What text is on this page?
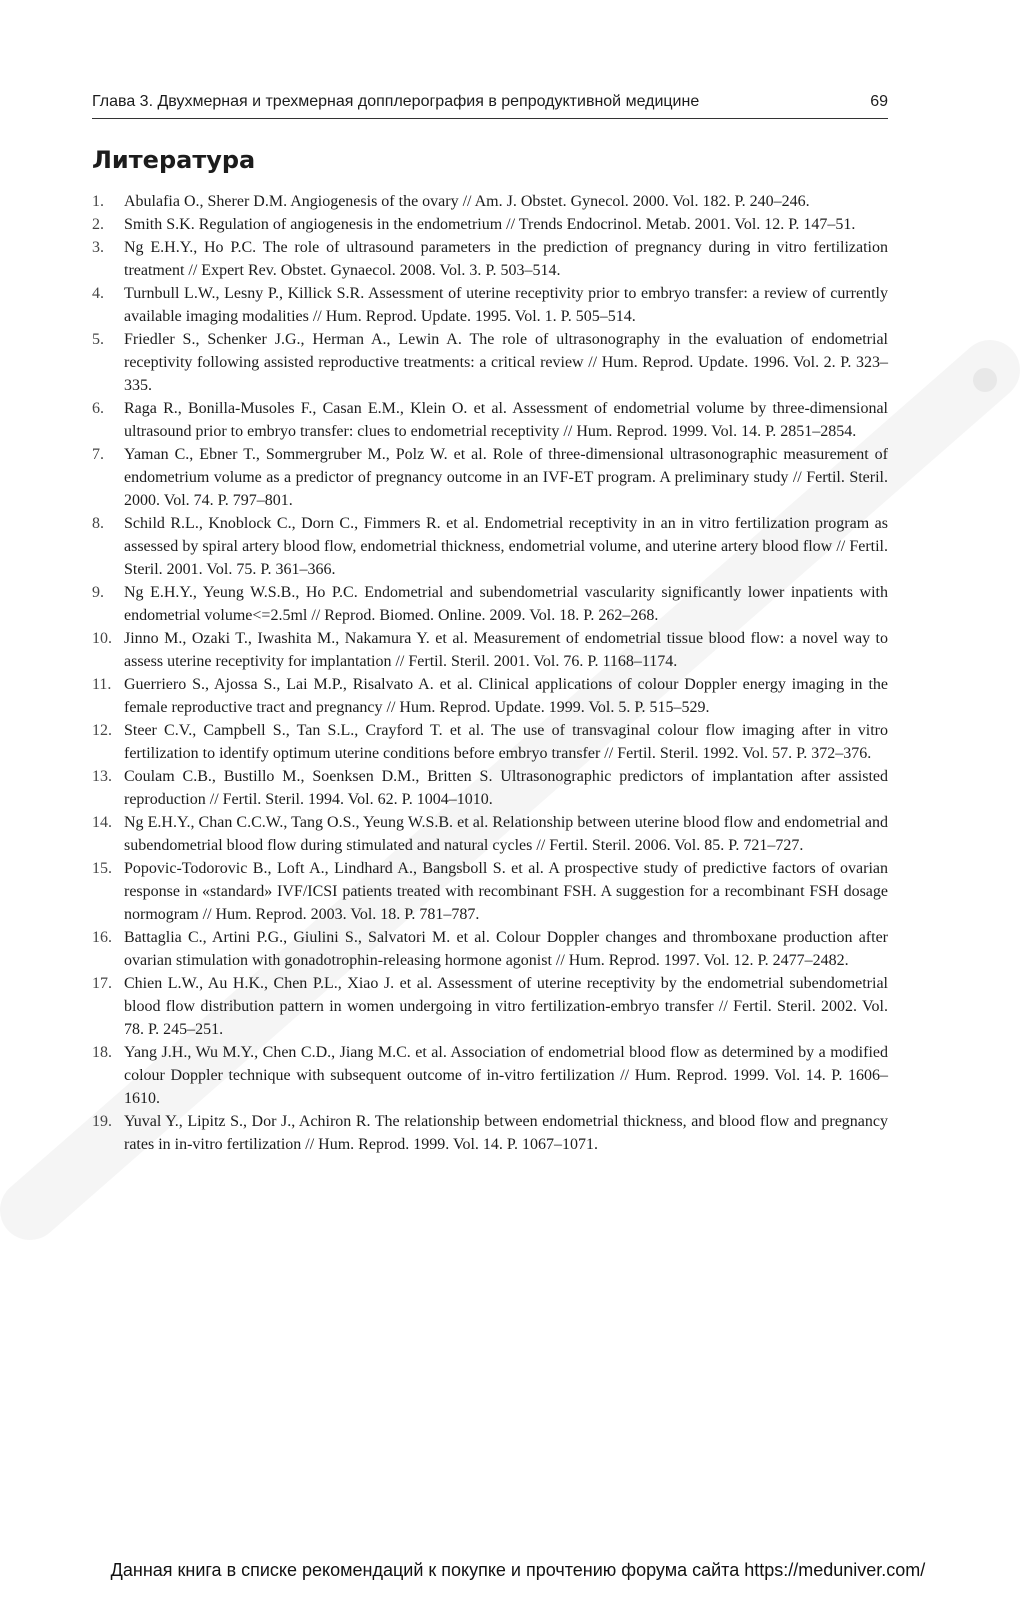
Глава 3. Двухмерная и трехмерная допплерография в репродуктивной медицине	69
Литература
1.	Abulafia O., Sherer D.M. Angiogenesis of the ovary // Am. J. Obstet. Gynecol. 2000. Vol. 182. P. 240–246.
2.	Smith S.K. Regulation of angiogenesis in the endometrium // Trends Endocrinol. Metab. 2001. Vol. 12. P. 147–51.
3.	Ng E.H.Y., Ho P.C. The role of ultrasound parameters in the prediction of pregnancy during in vitro fertilization treatment // Expert Rev. Obstet. Gynaecol. 2008. Vol. 3. P. 503–514.
4.	Turnbull L.W., Lesny P., Killick S.R. Assessment of uterine receptivity prior to embryo transfer: a review of currently available imaging modalities // Hum. Reprod. Update. 1995. Vol. 1. P. 505–514.
5.	Friedler S., Schenker J.G., Herman A., Lewin A. The role of ultrasonography in the evaluation of endometrial receptivity following assisted reproductive treatments: a critical review // Hum. Reprod. Update. 1996. Vol. 2. P. 323–335.
6.	Raga R., Bonilla-Musoles F., Casan E.M., Klein O. et al. Assessment of endometrial volume by three-dimensional ultrasound prior to embryo transfer: clues to endometrial receptivity // Hum. Reprod. 1999. Vol. 14. P. 2851–2854.
7.	Yaman C., Ebner T., Sommergruber M., Polz W. et al. Role of three-dimensional ultrasonographic measurement of endometrium volume as a predictor of pregnancy outcome in an IVF-ET program. A preliminary study // Fertil. Steril. 2000. Vol. 74. P. 797–801.
8.	Schild R.L., Knoblock C., Dorn C., Fimmers R. et al. Endometrial receptivity in an in vitro fertilization program as assessed by spiral artery blood flow, endometrial thickness, endometrial volume, and uterine artery blood flow // Fertil. Steril. 2001. Vol. 75. P. 361–366.
9.	Ng E.H.Y., Yeung W.S.B., Ho P.C. Endometrial and subendometrial vascularity significantly lower inpatients with endometrial volume<=2.5ml // Reprod. Biomed. Online. 2009. Vol. 18. P. 262–268.
10. Jinno M., Ozaki T., Iwashita M., Nakamura Y. et al. Measurement of endometrial tissue blood flow: a novel way to assess uterine receptivity for implantation // Fertil. Steril. 2001. Vol. 76. P. 1168–1174.
11. Guerriero S., Ajossa S., Lai M.P., Risalvato A. et al. Clinical applications of colour Doppler energy imaging in the female reproductive tract and pregnancy // Hum. Reprod. Update. 1999. Vol. 5. P. 515–529.
12. Steer C.V., Campbell S., Tan S.L., Crayford T. et al. The use of transvaginal colour flow imaging after in vitro fertilization to identify optimum uterine conditions before embryo transfer // Fertil. Steril. 1992. Vol. 57. P. 372–376.
13. Coulam C.B., Bustillo M., Soenksen D.M., Britten S. Ultrasonographic predictors of implantation after assisted reproduction // Fertil. Steril. 1994. Vol. 62. P. 1004–1010.
14. Ng E.H.Y., Chan C.C.W., Tang O.S., Yeung W.S.B. et al. Relationship between uterine blood flow and endometrial and subendometrial blood flow during stimulated and natural cycles // Fertil. Steril. 2006. Vol. 85. P. 721–727.
15. Popovic-Todorovic B., Loft A., Lindhard A., Bangsboll S. et al. A prospective study of predictive factors of ovarian response in «standard» IVF/ICSI patients treated with recombinant FSH. A suggestion for a recombinant FSH dosage normogram // Hum. Reprod. 2003. Vol. 18. P. 781–787.
16. Battaglia C., Artini P.G., Giulini S., Salvatori M. et al. Colour Doppler changes and thromboxane production after ovarian stimulation with gonadotrophin-releasing hormone agonist // Hum. Reprod. 1997. Vol. 12. P. 2477–2482.
17. Chien L.W., Au H.K., Chen P.L., Xiao J. et al. Assessment of uterine receptivity by the endometrial subendometrial blood flow distribution pattern in women undergoing in vitro fertilization-embryo transfer // Fertil. Steril. 2002. Vol. 78. P. 245–251.
18. Yang J.H., Wu M.Y., Chen C.D., Jiang M.C. et al. Association of endometrial blood flow as determined by a modified colour Doppler technique with subsequent outcome of in-vitro fertilization // Hum. Reprod. 1999. Vol. 14. P. 1606–1610.
19. Yuval Y., Lipitz S., Dor J., Achiron R. The relationship between endometrial thickness, and blood flow and pregnancy rates in in-vitro fertilization // Hum. Reprod. 1999. Vol. 14. P. 1067–1071.
Данная книга в списке рекомендаций к покупке и прочтению форума сайта https://meduniver.com/
